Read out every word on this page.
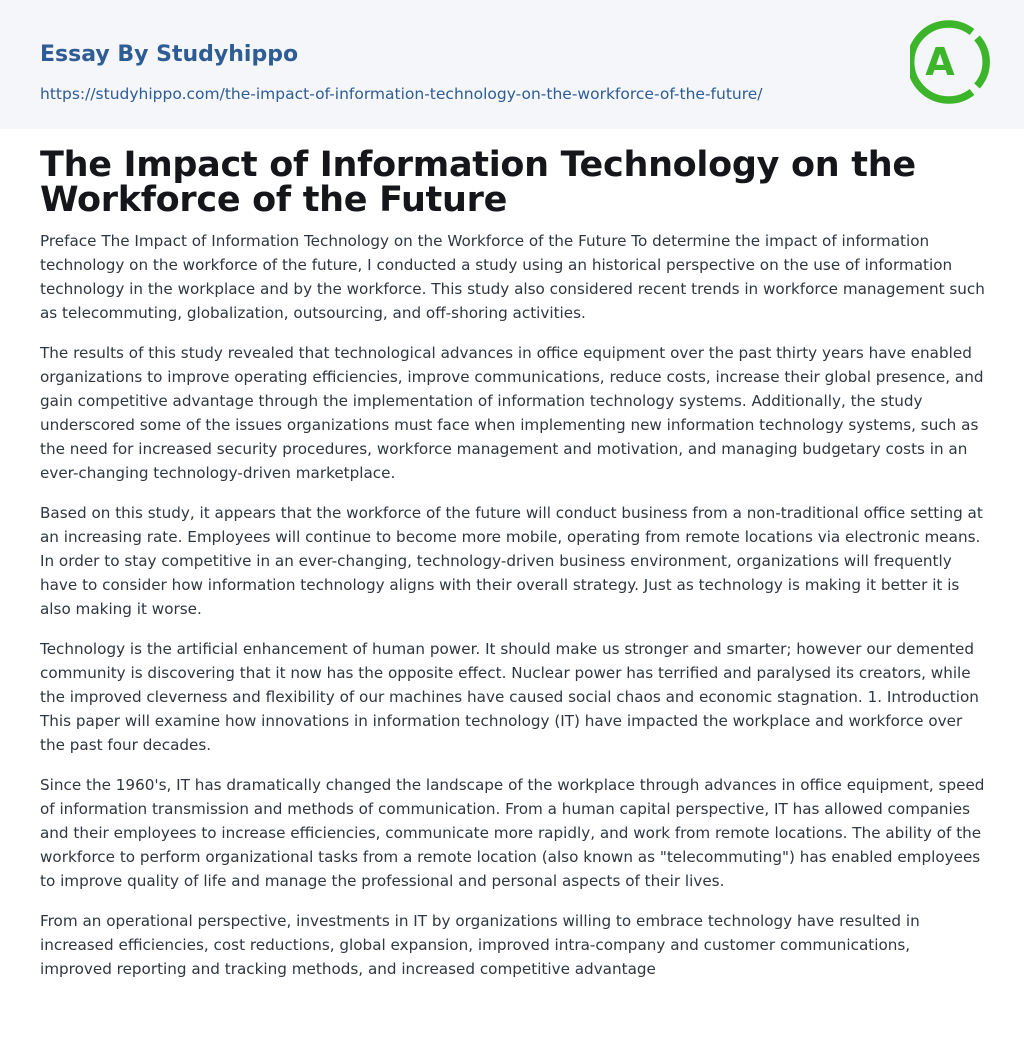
Essay By Studyhippo
https://studyhippo.com/the-impact-of-information-technology-on-the-workforce-of-the-future/
A
The Impact of Information Technology on the Workforce of the Future

Preface The Impact of Information Technology on the Workforce of the Future To determine the impact of information technology on the workforce of the future, I conducted a study using an historical perspective on the use of information technology in the workplace and by the workforce. This study also considered recent trends in workforce management such as telecommuting, globalization, outsourcing, and off-shoring activities.

The results of this study revealed that technological advances in office equipment over the past thirty years have enabled organizations to improve operating efficiencies, improve communications, reduce costs, increase their global presence, and gain competitive advantage through the implementation of information technology systems. Additionally, the study underscored some of the issues organizations must face when implementing new information technology systems, such as the need for increased security procedures, workforce management and motivation, and managing budgetary costs in an ever-changing technology-driven marketplace.

Based on this study, it appears that the workforce of the future will conduct business from a non-traditional office setting at an increasing rate. Employees will continue to become more mobile, operating from remote locations via electronic means. In order to stay competitive in an ever-changing, technology-driven business environment, organizations will frequently have to consider how information technology aligns with their overall strategy. Just as technology is making it better it is also making it worse.

Technology is the artificial enhancement of human power. It should make us stronger and smarter; however our demented community is discovering that it now has the opposite effect. Nuclear power has terrified and paralysed its creators, while the improved cleverness and flexibility of our machines have caused social chaos and economic stagnation. 1. Introduction This paper will examine how innovations in information technology (IT) have impacted the workplace and workforce over the past four decades.

Since the 1960's, IT has dramatically changed the landscape of the workplace through advances in office equipment, speed of information transmission and methods of communication. From a human capital perspective, IT has allowed companies and their employees to increase efficiencies, communicate more rapidly, and work from remote locations. The ability of the workforce to perform organizational tasks from a remote location (also known as "telecommuting") has enabled employees to improve quality of life and manage the professional and personal aspects of their lives.

From an operational perspective, investments in IT by organizations willing to embrace technology have resulted in increased efficiencies, cost reductions, global expansion, improved intra-company and customer communications, improved reporting and tracking methods, and increased competitive advantage
